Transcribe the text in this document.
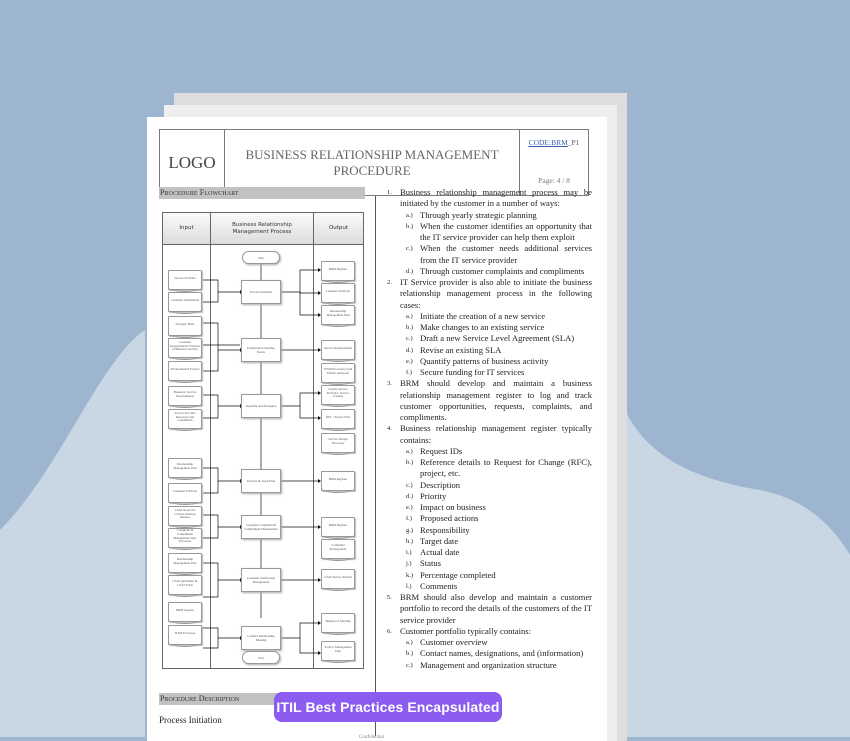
LOGO	BUSINESS RELATIONSHIP MANAGEMENT
PROCEDURE
CODE:BRM_P1
Page: 4 / 8
Procedure Flowchart
Input
Business Relationship Management Process
Output
Start
Process Initiation
Understand Customer Needs
Organize and Strategize
Execute & Track Plan
Customer Complaint & Compliment Management
Customer Satisfaction Management
Conduct Relationship Meeting
End
Service Portfolio
Customer Information
Strategic Plans
Customer Requirements/ Patterns of Business Activity
Environmental Factors
Business/ Service Requirements
Service Provider Resources and Capabilities
Relationship Management Plan
Customer Portfolio
CSAT & service reviews meeting minutes
Complaint & Compliment Management Sub-Processes
Relationship Management Plan
CSAT guidelines & CSAT Form
BRM Agenda
ITSM Processes
BRM Register
Customer Portfolio
Relationship Management Plan
Service Requirements
ITSM Processes (Add Further Analysis)
Update Service Portfolio/ Service Catalog
RFC / Project Plan
Service Design Processes
BRM Register
BRM Register
Complaint Management
CSAT Survey Results
Minutes of Meeting
Service Management Plan
1. Business relationship management process may be initiated by the customer in a number of ways:
a.) Through yearly strategic planning
b.) When the customer identifies an opportunity that the IT service provider can help them exploit
c.) When the customer needs additional services from the IT service provider
d.) Through customer complaints and compliments
2. IT Service provider is also able to initiate the business relationship management process in the following cases:
a.) Initiate the creation of a new service
b.) Make changes to an existing service
c.) Draft a new Service Level Agreement (SLA)
d.) Revise an existing SLA
e.) Quantify patterns of business activity
f.) Secure funding for IT services
3. BRM should develop and maintain a business relationship management register to log and track customer opportunities, requests, complaints, and compliments.
4. Business relationship management register typically contains:
a.) Request IDs
b.) Reference details to Request for Change (RFC), project, etc.
c.) Description
d.) Priority
e.) Impact on business
f.) Proposed actions
g.) Responsibility
h.) Target date
i.) Actual date
j.) Status
k.) Percentage completed
l.) Comments
5. BRM should also develop and maintain a customer portfolio to record the details of the customers of the IT service provider
6. Customer portfolio typically contains:
a.) Customer overview
b.) Contact names, designations, and (information)
c.) Management and organization structure
Procedure Description
Process Initiation
Confidential
ITIL Best Practices Encapsulated
